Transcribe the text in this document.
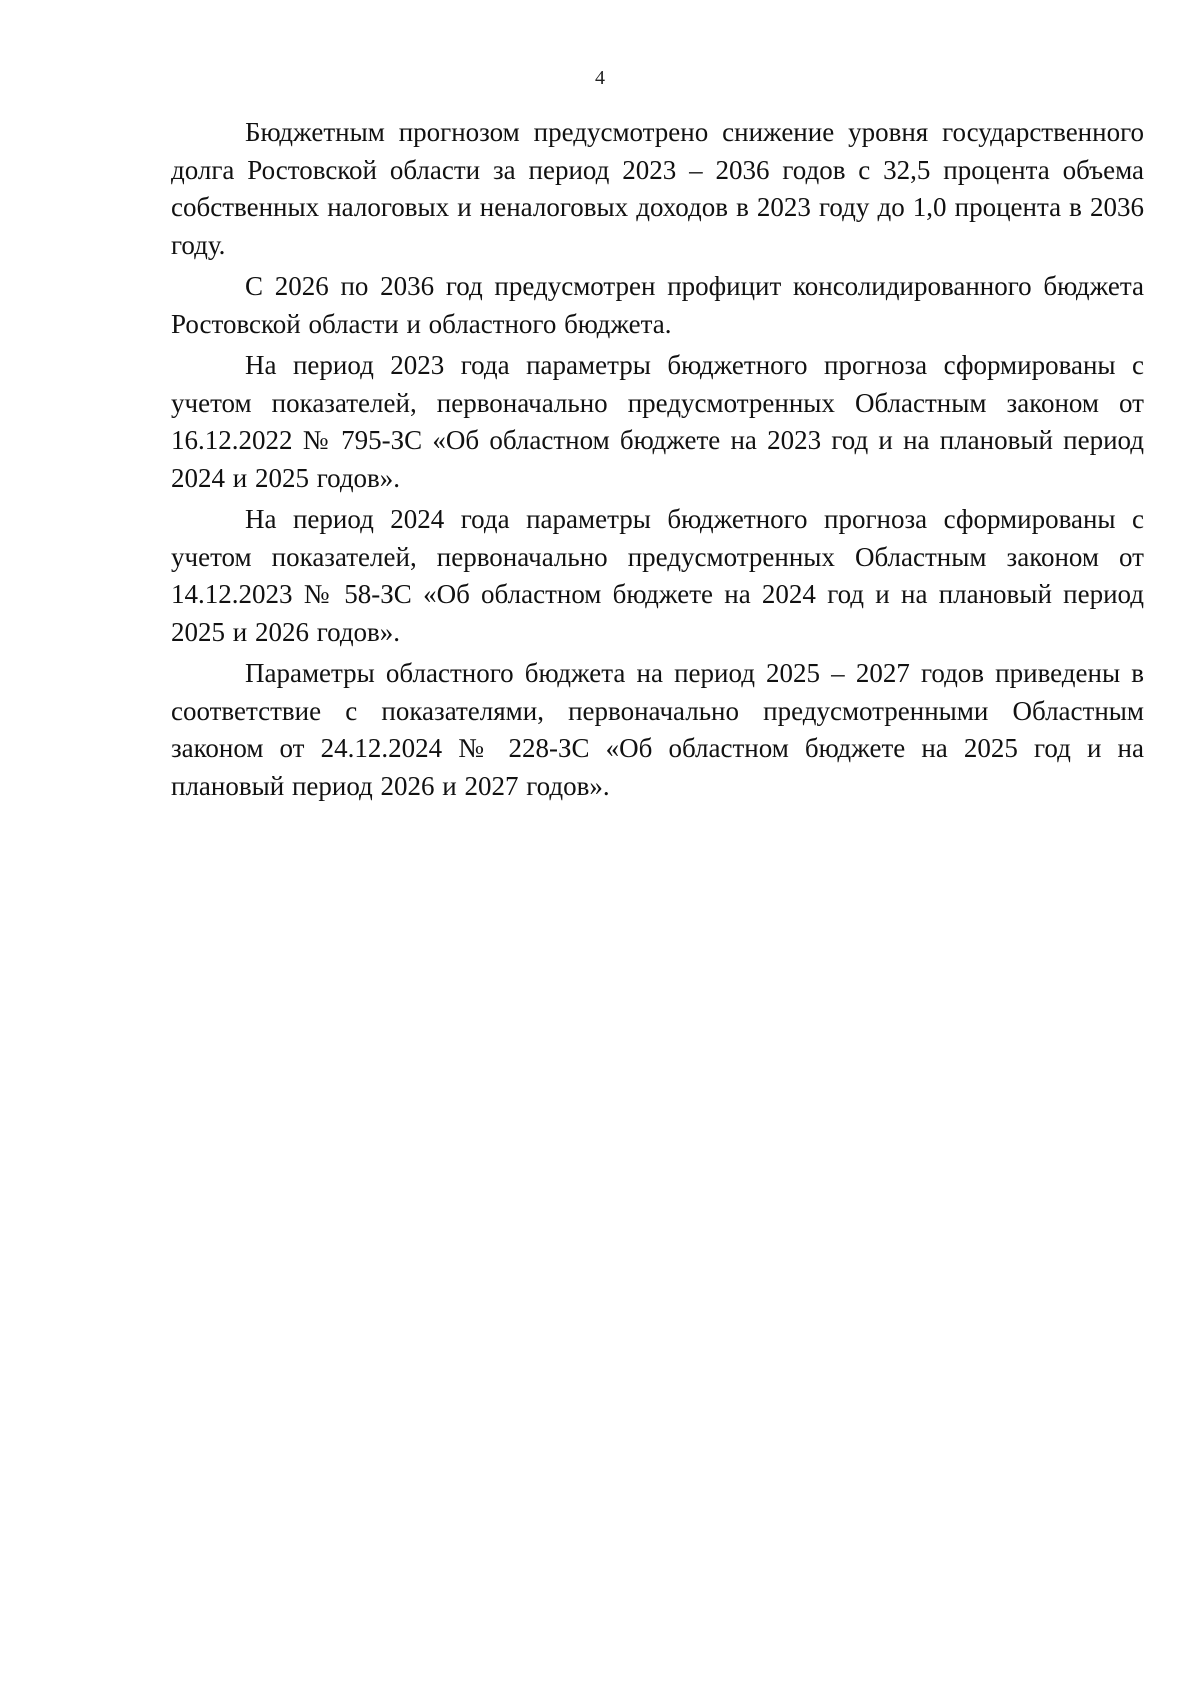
4

Бюджетным прогнозом предусмотрено снижение уровня государственного долга Ростовской области за период 2023 – 2036 годов с 32,5 процента объема собственных налоговых и неналоговых доходов в 2023 году до 1,0 процента в 2036 году.

С 2026 по 2036 год предусмотрен профицит консолидированного бюджета Ростовской области и областного бюджета.

На период 2023 года параметры бюджетного прогноза сформированы с учетом показателей, первоначально предусмотренных Областным законом от 16.12.2022 № 795-ЗС «Об областном бюджете на 2023 год и на плановый период 2024 и 2025 годов».

На период 2024 года параметры бюджетного прогноза сформированы с учетом показателей, первоначально предусмотренных Областным законом от 14.12.2023 № 58-ЗС «Об областном бюджете на 2024 год и на плановый период 2025 и 2026 годов».

Параметры областного бюджета на период 2025 – 2027 годов приведены в соответствие с показателями, первоначально предусмотренными Областным законом от 24.12.2024 № 228-ЗС «Об областном бюджете на 2025 год и на плановый период 2026 и 2027 годов».
